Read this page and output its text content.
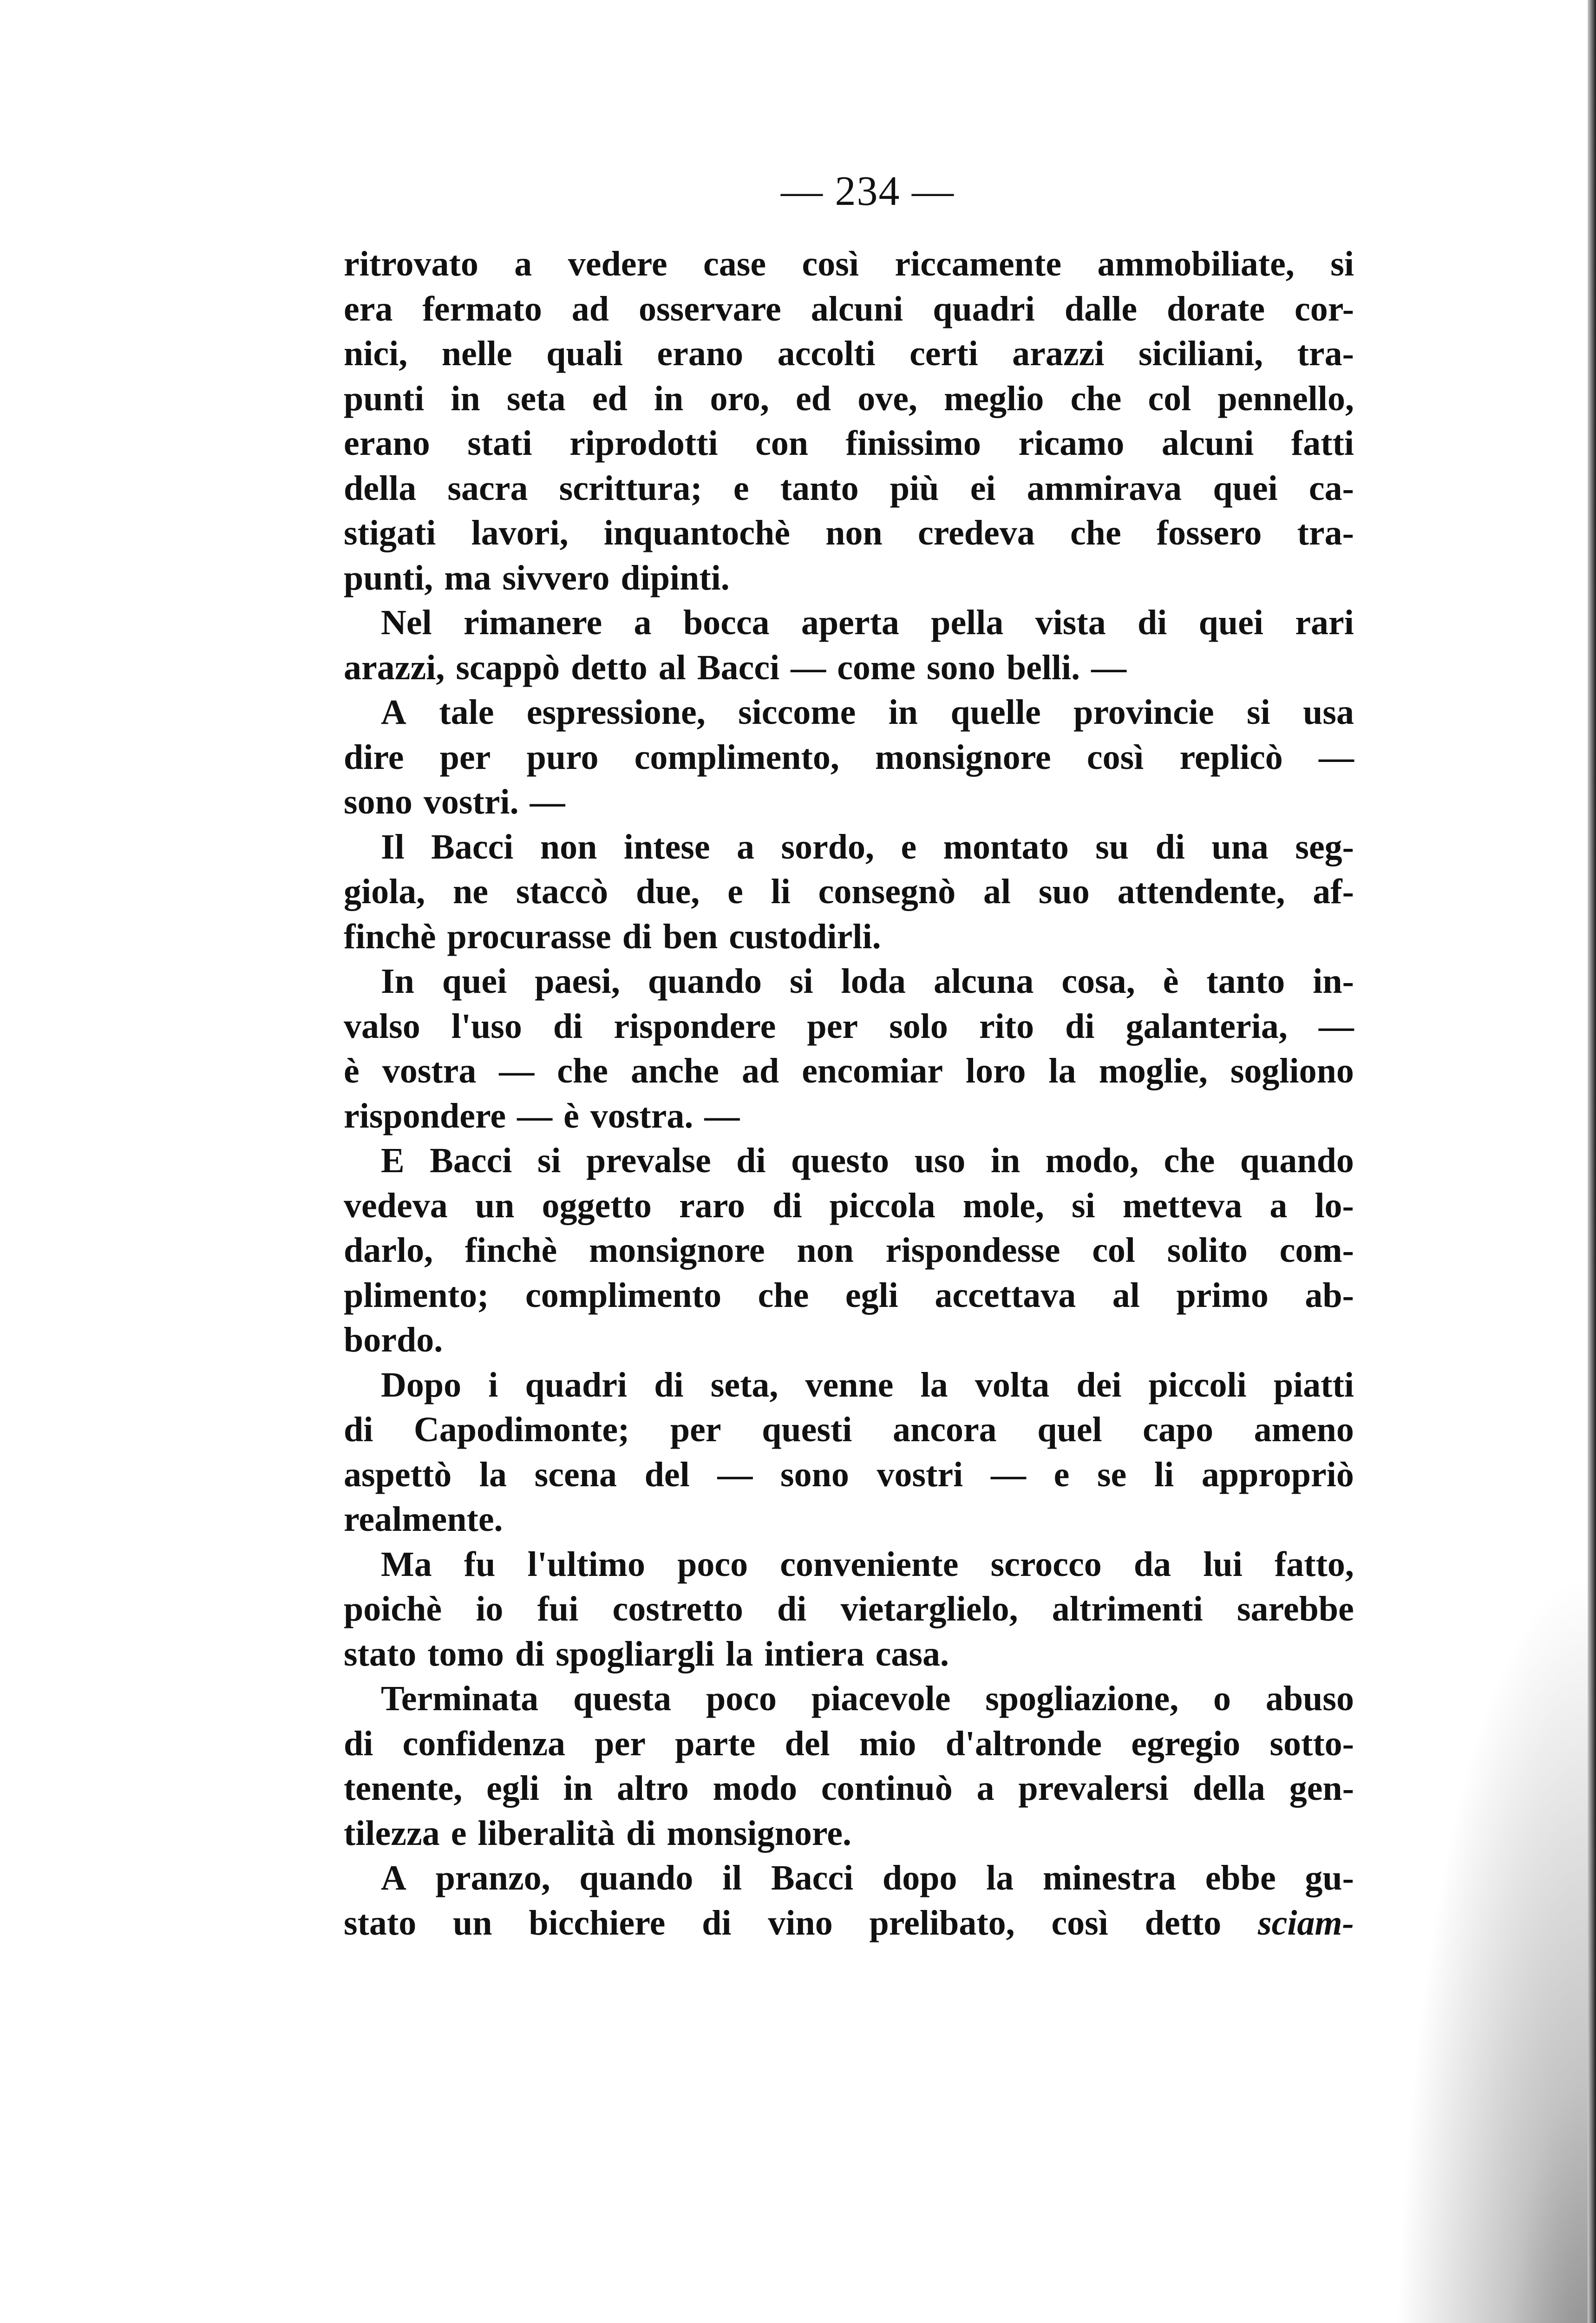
— 234 —
ritrovato a vedere case così riccamente ammobiliate, si
era fermato ad osservare alcuni quadri dalle dorate cor-
nici, nelle quali erano accolti certi arazzi siciliani, tra-
punti in seta ed in oro, ed ove, meglio che col pennello,
erano stati riprodotti con finissimo ricamo alcuni fatti
della sacra scrittura; e tanto più ei ammirava quei ca-
stigati lavori, inquantochè non credeva che fossero tra-
punti, ma sivvero dipinti.
Nel rimanere a bocca aperta pella vista di quei rari
arazzi, scappò detto al Bacci — come sono belli. —
A tale espressione, siccome in quelle provincie si usa
dire per puro complimento, monsignore così replicò —
sono vostri. —
Il Bacci non intese a sordo, e montato su di una seg-
giola, ne staccò due, e li consegnò al suo attendente, af-
finchè procurasse di ben custodirli.
In quei paesi, quando si loda alcuna cosa, è tanto in-
valso l'uso di rispondere per solo rito di galanteria, —
è vostra — che anche ad encomiar loro la moglie, sogliono
rispondere — è vostra. —
E Bacci si prevalse di questo uso in modo, che quando
vedeva un oggetto raro di piccola mole, si metteva a lo-
darlo, finchè monsignore non rispondesse col solito com-
plimento; complimento che egli accettava al primo ab-
bordo.
Dopo i quadri di seta, venne la volta dei piccoli piatti
di Capodimonte; per questi ancora quel capo ameno
aspettò la scena del — sono vostri — e se li appropriò
realmente.
Ma fu l'ultimo poco conveniente scrocco da lui fatto,
poichè io fui costretto di vietarglielo, altrimenti sarebbe
stato tomo di spogliargli la intiera casa.
Terminata questa poco piacevole spogliazione, o abuso
di confidenza per parte del mio d'altronde egregio sotto-
tenente, egli in altro modo continuò a prevalersi della gen-
tilezza e liberalità di monsignore.
A pranzo, quando il Bacci dopo la minestra ebbe gu-
stato un bicchiere di vino prelibato, così detto sciam-
